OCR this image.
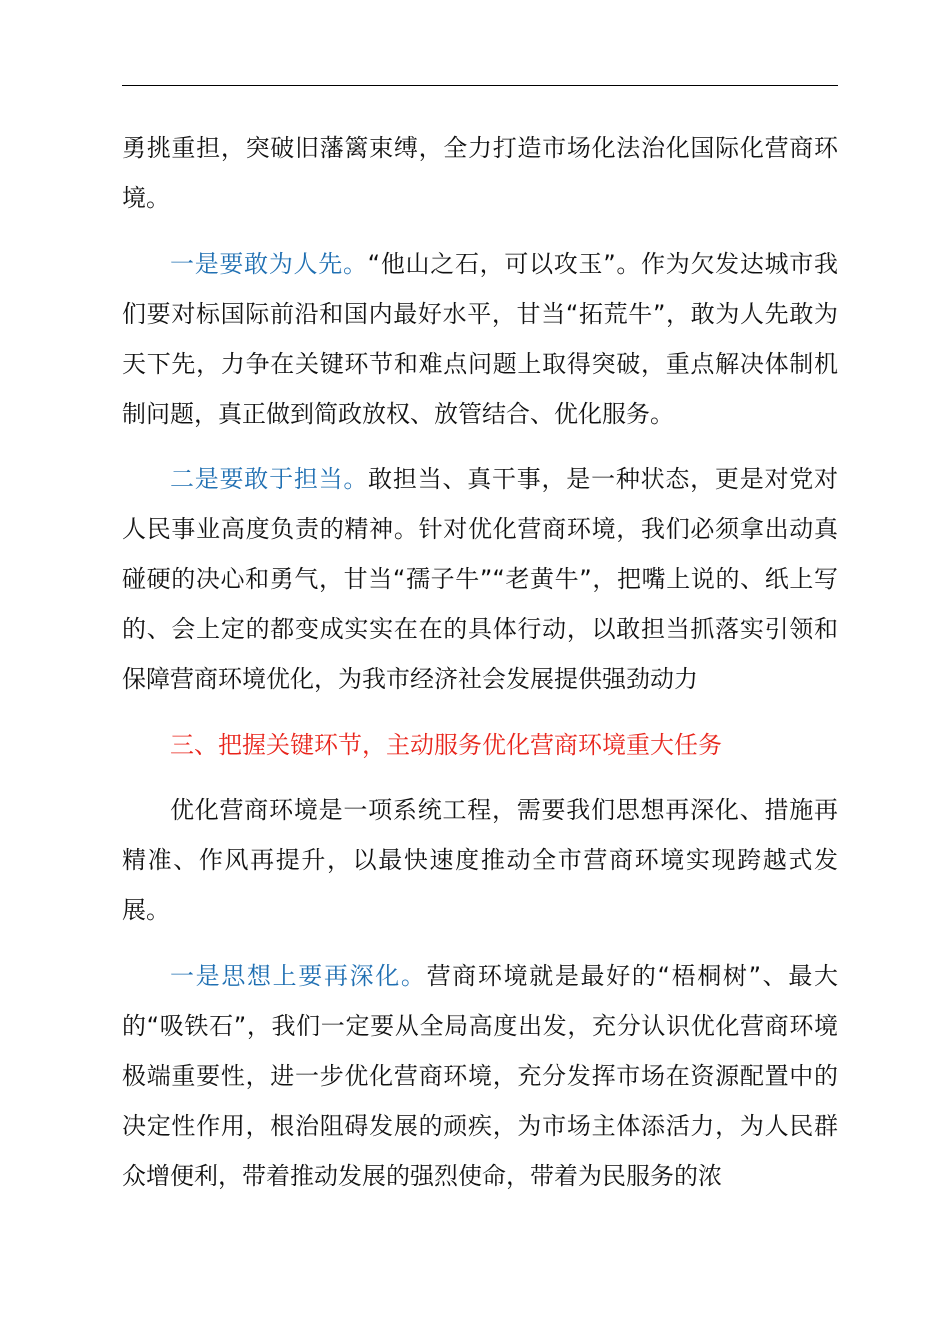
勇挑重担，突破旧藩篱束缚，全力打造市场化法治化国际化营商环境。

一是要敢为人先。“他山之石，可以攻玉”。作为欠发达城市我们要对标国际前沿和国内最好水平，甘当“拓荒牛”，敢为人先敢为天下先，力争在关键环节和难点问题上取得突破，重点解决体制机制问题，真正做到简政放权、放管结合、优化服务。

二是要敢于担当。敢担当、真干事，是一种状态，更是对党对人民事业高度负责的精神。针对优化营商环境，我们必须拿出动真碰硬的决心和勇气，甘当“孺子牛”“老黄牛”，把嘴上说的、纸上写的、会上定的都变成实实在在的具体行动，以敢担当抓落实引领和保障营商环境优化，为我市经济社会发展提供强劲动力

三、把握关键环节，主动服务优化营商环境重大任务

优化营商环境是一项系统工程，需要我们思想再深化、措施再精准、作风再提升，以最快速度推动全市营商环境实现跨越式发展。

一是思想上要再深化。营商环境就是最好的“梧桐树”、最大的“吸铁石”，我们一定要从全局高度出发，充分认识优化营商环境极端重要性，进一步优化营商环境，充分发挥市场在资源配置中的决定性作用，根治阻碍发展的顽疾，为市场主体添活力，为人民群众增便利，带着推动发展的强烈使命，带着为民服务的浓
